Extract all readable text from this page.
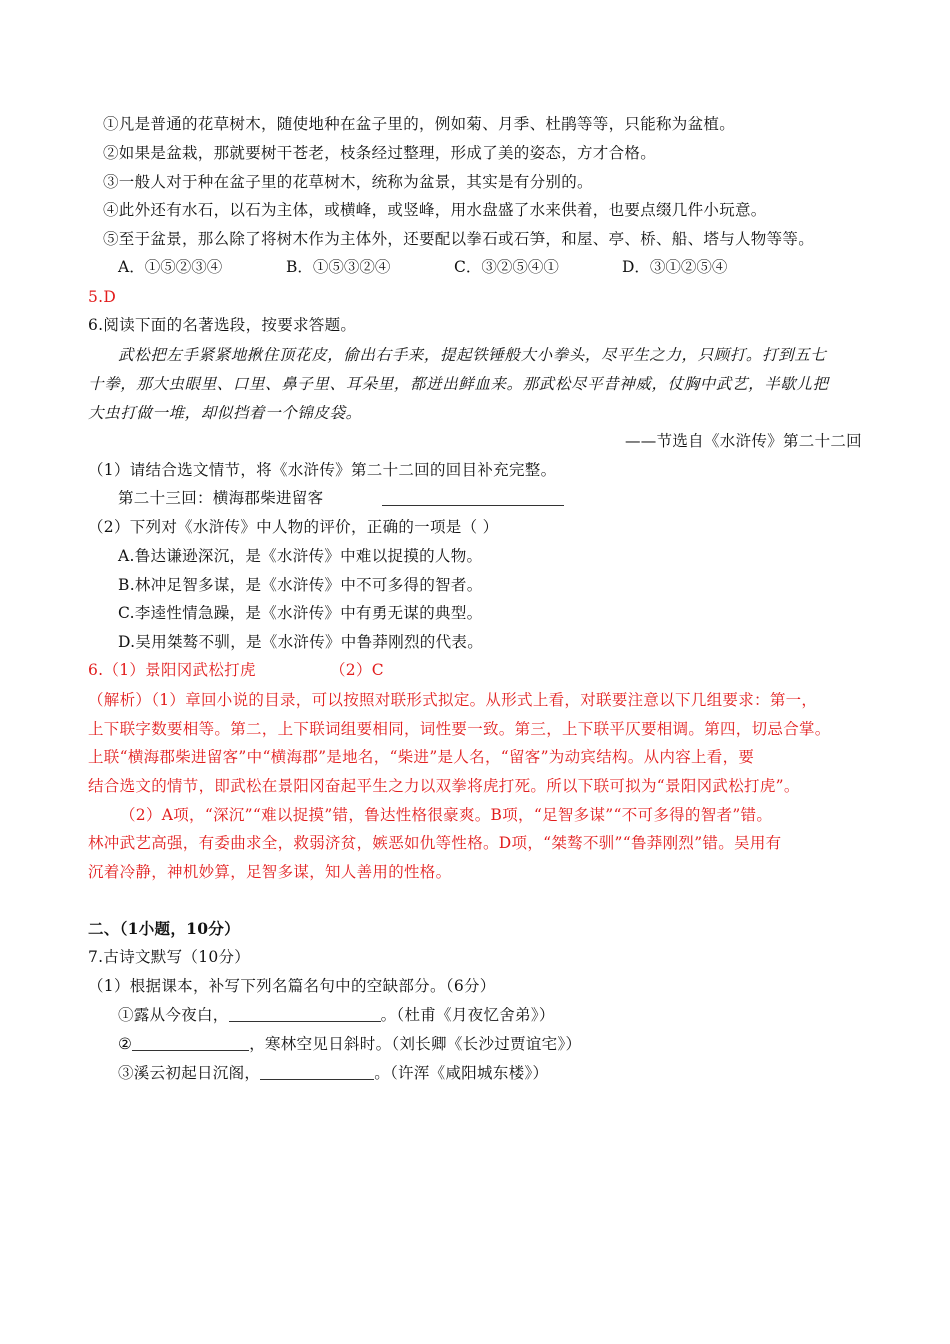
①凡是普通的花草树木，随使地种在盆子里的，例如菊、月季、杜鹃等等，只能称为盆植。
②如果是盆栽，那就要树干苍老，枝条经过整理，形成了美的姿态，方才合格。
③一般人对于种在盆子里的花草树木，统称为盆景，其实是有分别的。
④此外还有水石，以石为主体，或横峰，或竖峰，用水盘盛了水来供着，也要点缀几件小玩意。
⑤至于盆景，那么除了将树木作为主体外，还要配以拳石或石笋，和屋、亭、桥、船、塔与人物等等。
A．①⑤②③④	B．①⑤③②④	C．③②⑤④①	D．③①②⑤④
5.D
6.阅读下面的名著选段，按要求答题。
武松把左手紧紧地揪住顶花皮，偷出右手来，提起铁锤般大小拳头，尽平生之力，只顾打。打到五七
十拳，那大虫眼里、口里、鼻子里、耳朵里，都迸出鲜血来。那武松尽平昔神威，仗胸中武艺，半歇儿把
大虫打做一堆，却似挡着一个锦皮袋。
——节选自《水浒传》第二十二回
（1）请结合选文情节，将《水浒传》第二十二回的回目补充完整。
第二十三回：横海郡柴进留客
（2）下列对《水浒传》中人物的评价，正确的一项是（ ）
A.鲁达谦逊深沉，是《水浒传》中难以捉摸的人物。
B.林冲足智多谋，是《水浒传》中不可多得的智者。
C.李逵性情急躁，是《水浒传》中有勇无谋的典型。
D.吴用桀骜不驯，是《水浒传》中鲁莽刚烈的代表。
6.（1）景阳冈武松打虎	（2）C
（解析）（1）章回小说的目录，可以按照对联形式拟定。从形式上看，对联要注意以下几组要求：第一，
上下联字数要相等。第二，上下联词组要相同，词性要一致。第三，上下联平仄要相调。第四，切忌合掌。
上联“横海郡柴进留客”中“横海郡”是地名，“柴进”是人名，“留客”为动宾结构。从内容上看，要
结合选文的情节，即武松在景阳冈奋起平生之力以双拳将虎打死。所以下联可拟为“景阳冈武松打虎”。
（2）A项，“深沉”“难以捉摸”错，鲁达性格很豪爽。B项，“足智多谋”“不可多得的智者”错。
林冲武艺高强，有委曲求全，救弱济贫，嫉恶如仇等性格。D项，“桀骜不驯”“鲁莽刚烈”错。吴用有
沉着冷静，神机妙算，足智多谋，知人善用的性格。
二、（1小题，10分）
7.古诗文默写（10分）
（1）根据课本，补写下列名篇名句中的空缺部分。（6分）
①露从今夜白，	。（杜甫《月夜忆舍弟》）
②	，寒林空见日斜时。（刘长卿《长沙过贾谊宅》）
③溪云初起日沉阁，	。（许浑《咸阳城东楼》）
